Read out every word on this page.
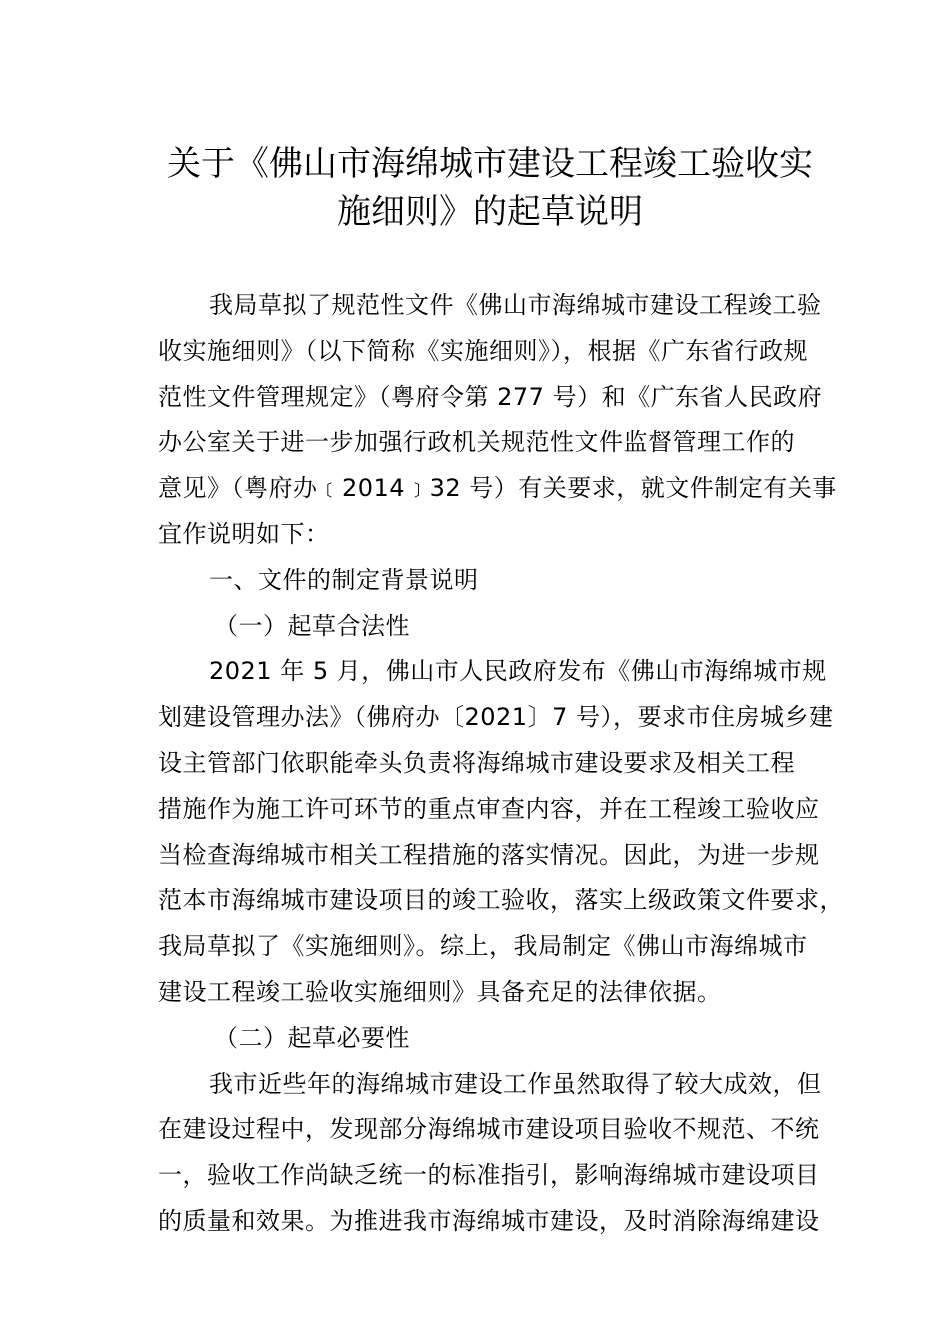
关于《佛山市海绵城市建设工程竣工验收实
施细则》的起草说明
我局草拟了规范性文件《佛山市海绵城市建设工程竣工验
收实施细则》（以下简称《实施细则》），根据《广东省行政规
范性文件管理规定》（粤府令第 277 号）和《广东省人民政府
办公室关于进一步加强行政机关规范性文件监督管理工作的
意见》（粤府办﹝2014﹞32 号）有关要求，就文件制定有关事
宜作说明如下：
一、文件的制定背景说明
（一）起草合法性
2021 年 5 月，佛山市人民政府发布《佛山市海绵城市规
划建设管理办法》（佛府办〔2021〕7 号），要求市住房城乡建
设主管部门依职能牵头负责将海绵城市建设要求及相关工程
措施作为施工许可环节的重点审查内容，并在工程竣工验收应
当检查海绵城市相关工程措施的落实情况。因此，为进一步规
范本市海绵城市建设项目的竣工验收，落实上级政策文件要求，
我局草拟了《实施细则》。综上，我局制定《佛山市海绵城市
建设工程竣工验收实施细则》具备充足的法律依据。
（二）起草必要性
我市近些年的海绵城市建设工作虽然取得了较大成效，但
在建设过程中，发现部分海绵城市建设项目验收不规范、不统
一，验收工作尚缺乏统一的标准指引，影响海绵城市建设项目
的质量和效果。为推进我市海绵城市建设，及时消除海绵建设
